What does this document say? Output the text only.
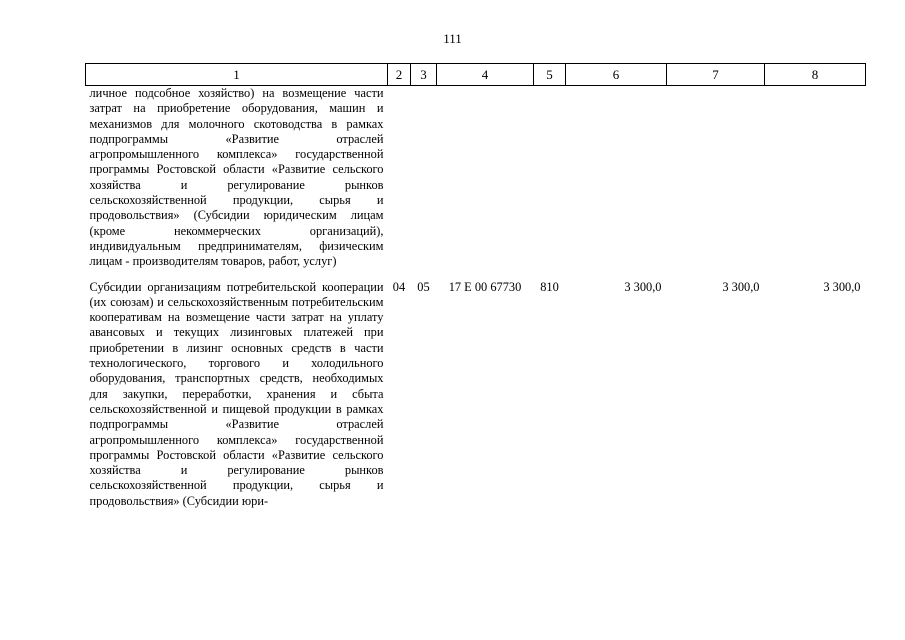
111
1	2	3	4	5	6	7	8
личное подсобное хозяйство) на возмещение части затрат на приобретение оборудования, машин и механизмов для молочного скотоводства в рамках подпрограммы «Развитие отраслей агропромышленного комплекса» государственной программы Ростовской области «Развитие сельского хозяйства и регулирование рынков сельскохозяйственной продукции, сырья и продовольствия» (Субсидии юридическим лицам (кроме некоммерческих организаций), индивидуальным предпринимателям, физическим лицам - производителям товаров, работ, услуг)							
Субсидии организациям потребительской кооперации (их союзам) и сельскохозяйственным потребительским кооперативам на возмещение части затрат на уплату авансовых и текущих лизинговых платежей при приобретении в лизинг основных средств в части технологического, торгового и холодильного оборудования, транспортных средств, необходимых для закупки, переработки, хранения и сбыта сельскохозяйственной и пищевой продукции в рамках подпрограммы «Развитие отраслей агропромышленного комплекса» государственной программы Ростовской области «Развитие сельского хозяйства и регулирование рынков сельскохозяйственной продукции, сырья и продовольствия» (Субсидии юри-	04	05	17 Е 00 67730	810	3 300,0	3 300,0	3 300,0
